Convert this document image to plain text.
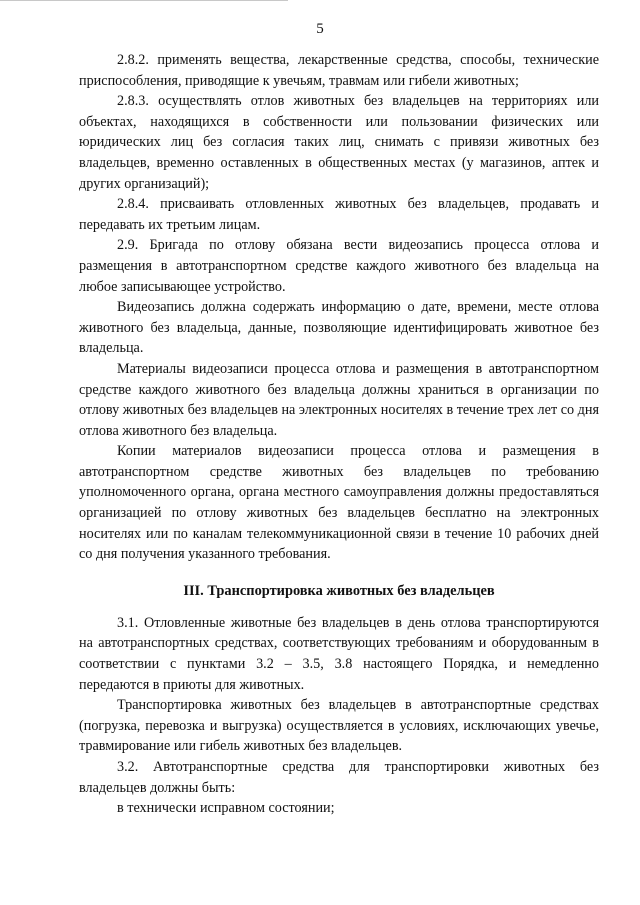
5

2.8.2. применять вещества, лекарственные средства, способы, технические приспособления, приводящие к увечьям, травмам или гибели животных;

2.8.3. осуществлять отлов животных без владельцев на территориях или объектах, находящихся в собственности или пользовании физических или юридических лиц без согласия таких лиц, снимать с привязи животных без владельцев, временно оставленных в общественных местах (у магазинов, аптек и других организаций);

2.8.4. присваивать отловленных животных без владельцев, продавать и передавать их третьим лицам.

2.9. Бригада по отлову обязана вести видеозапись процесса отлова и размещения в автотранспортном средстве каждого животного без владельца на любое записывающее устройство.

Видеозапись должна содержать информацию о дате, времени, месте отлова животного без владельца, данные, позволяющие идентифицировать животное без владельца.

Материалы видеозаписи процесса отлова и размещения в автотранспортном средстве каждого животного без владельца должны храниться в организации по отлову животных без владельцев на электронных носителях в течение трех лет со дня отлова животного без владельца.

Копии материалов видеозаписи процесса отлова и размещения в автотранспортном средстве животных без владельцев по требованию уполномоченного органа, органа местного самоуправления должны предоставляться организацией по отлову животных без владельцев бесплатно на электронных носителях или по каналам телекоммуникационной связи в течение 10 рабочих дней со дня получения указанного требования.

III. Транспортировка животных без владельцев

3.1. Отловленные животные без владельцев в день отлова транспортируются на автотранспортных средствах, соответствующих требованиям и оборудованным в соответствии с пунктами 3.2 – 3.5, 3.8 настоящего Порядка, и немедленно передаются в приюты для животных.

Транспортировка животных без владельцев в автотранспортные средствах (погрузка, перевозка и выгрузка) осуществляется в условиях, исключающих увечье, травмирование или гибель животных без владельцев.

3.2. Автотранспортные средства для транспортировки животных без владельцев должны быть:

в технически исправном состоянии;
